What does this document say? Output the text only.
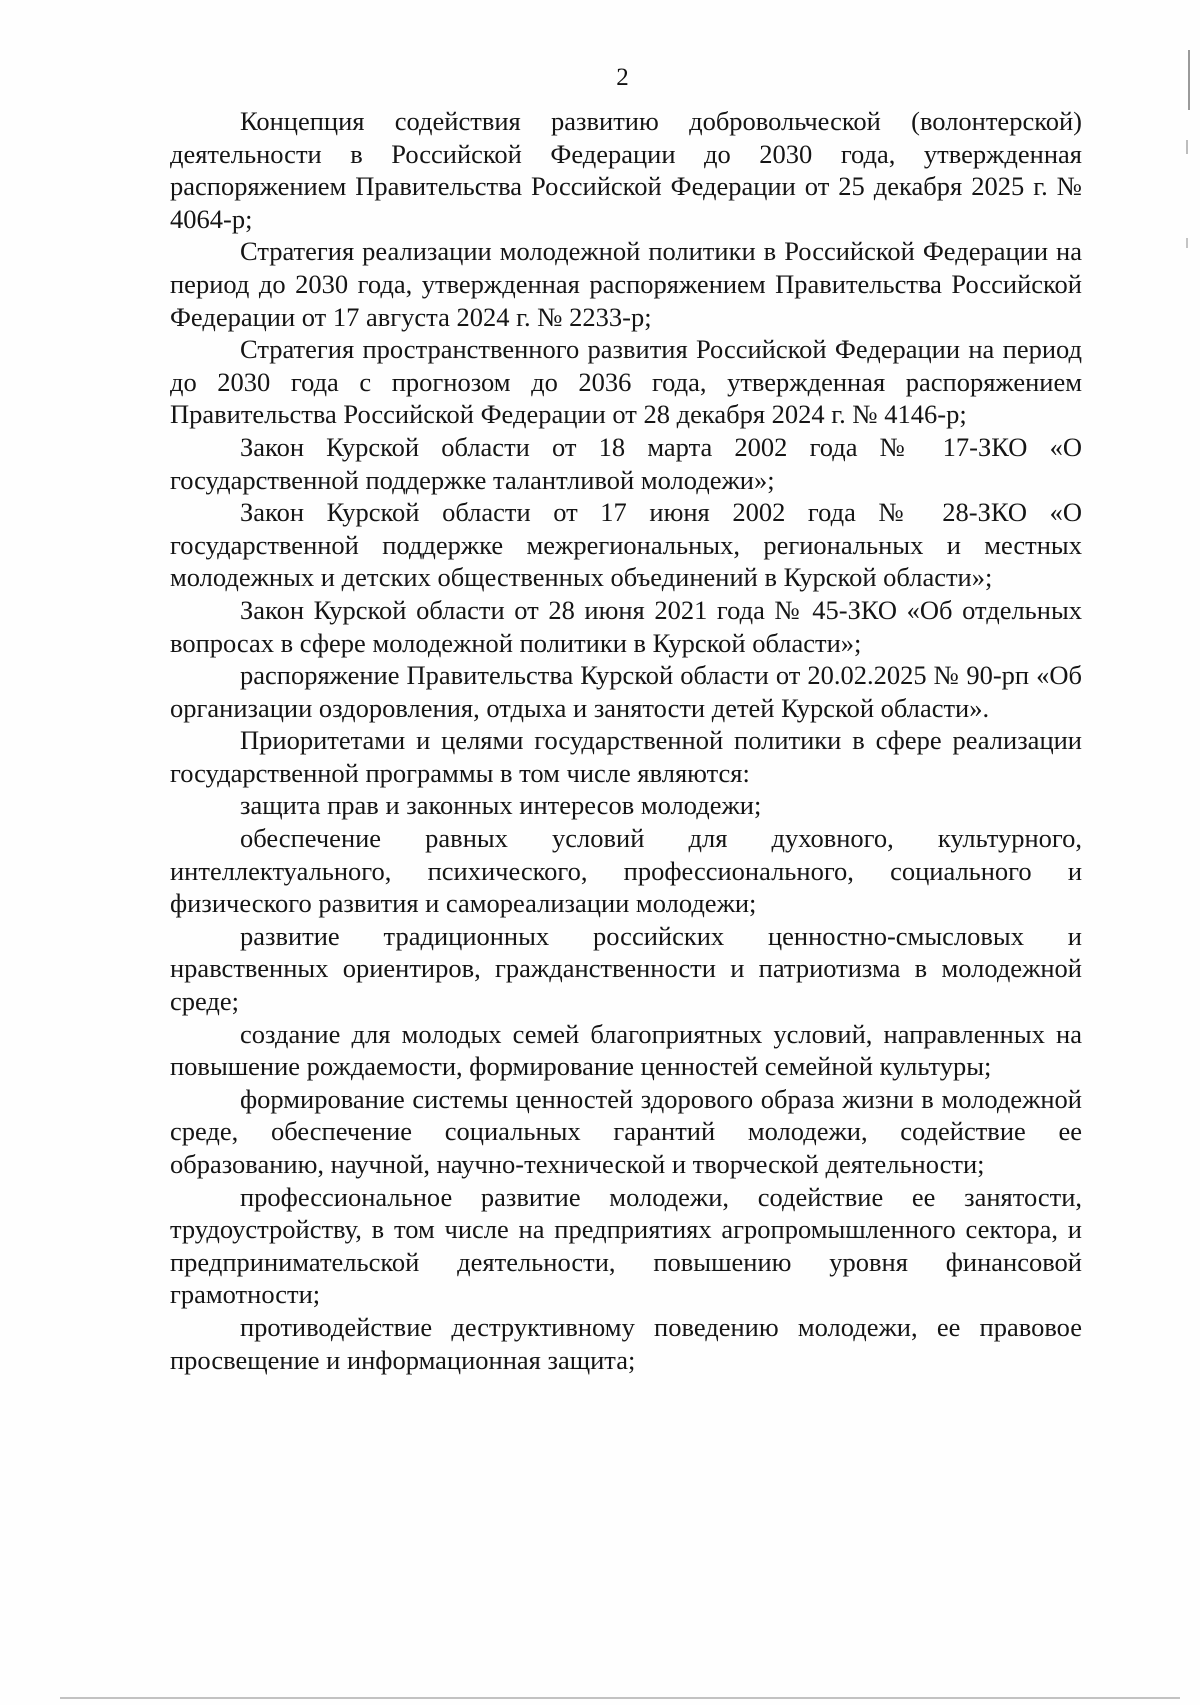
2

Концепция содействия развитию добровольческой (волонтерской) деятельности в Российской Федерации до 2030 года, утвержденная распоряжением Правительства Российской Федерации от 25 декабря 2025 г. № 4064-р;

Стратегия реализации молодежной политики в Российской Федерации на период до 2030 года, утвержденная распоряжением Правительства Российской Федерации от 17 августа 2024 г. № 2233-р;

Стратегия пространственного развития Российской Федерации на период до 2030 года с прогнозом до 2036 года, утвержденная распоряжением Правительства Российской Федерации от 28 декабря 2024 г. № 4146-р;

Закон Курской области от 18 марта 2002 года № 17-ЗКО «О государственной поддержке талантливой молодежи»;

Закон Курской области от 17 июня 2002 года № 28-ЗКО «О государственной поддержке межрегиональных, региональных и местных молодежных и детских общественных объединений в Курской области»;

Закон Курской области от 28 июня 2021 года № 45-ЗКО «Об отдельных вопросах в сфере молодежной политики в Курской области»;

распоряжение Правительства Курской области от 20.02.2025 № 90-рп «Об организации оздоровления, отдыха и занятости детей Курской области».

Приоритетами и целями государственной политики в сфере реализации государственной программы в том числе являются:

защита прав и законных интересов молодежи;

обеспечение равных условий для духовного, культурного, интеллектуального, психического, профессионального, социального и физического развития и самореализации молодежи;

развитие традиционных российских ценностно-смысловых и нравственных ориентиров, гражданственности и патриотизма в молодежной среде;

создание для молодых семей благоприятных условий, направленных на повышение рождаемости, формирование ценностей семейной культуры;

формирование системы ценностей здорового образа жизни в молодежной среде, обеспечение социальных гарантий молодежи, содействие ее образованию, научной, научно-технической и творческой деятельности;

профессиональное развитие молодежи, содействие ее занятости, трудоустройству, в том числе на предприятиях агропромышленного сектора, и предпринимательской деятельности, повышению уровня финансовой грамотности;

противодействие деструктивному поведению молодежи, ее правовое просвещение и информационная защита;
